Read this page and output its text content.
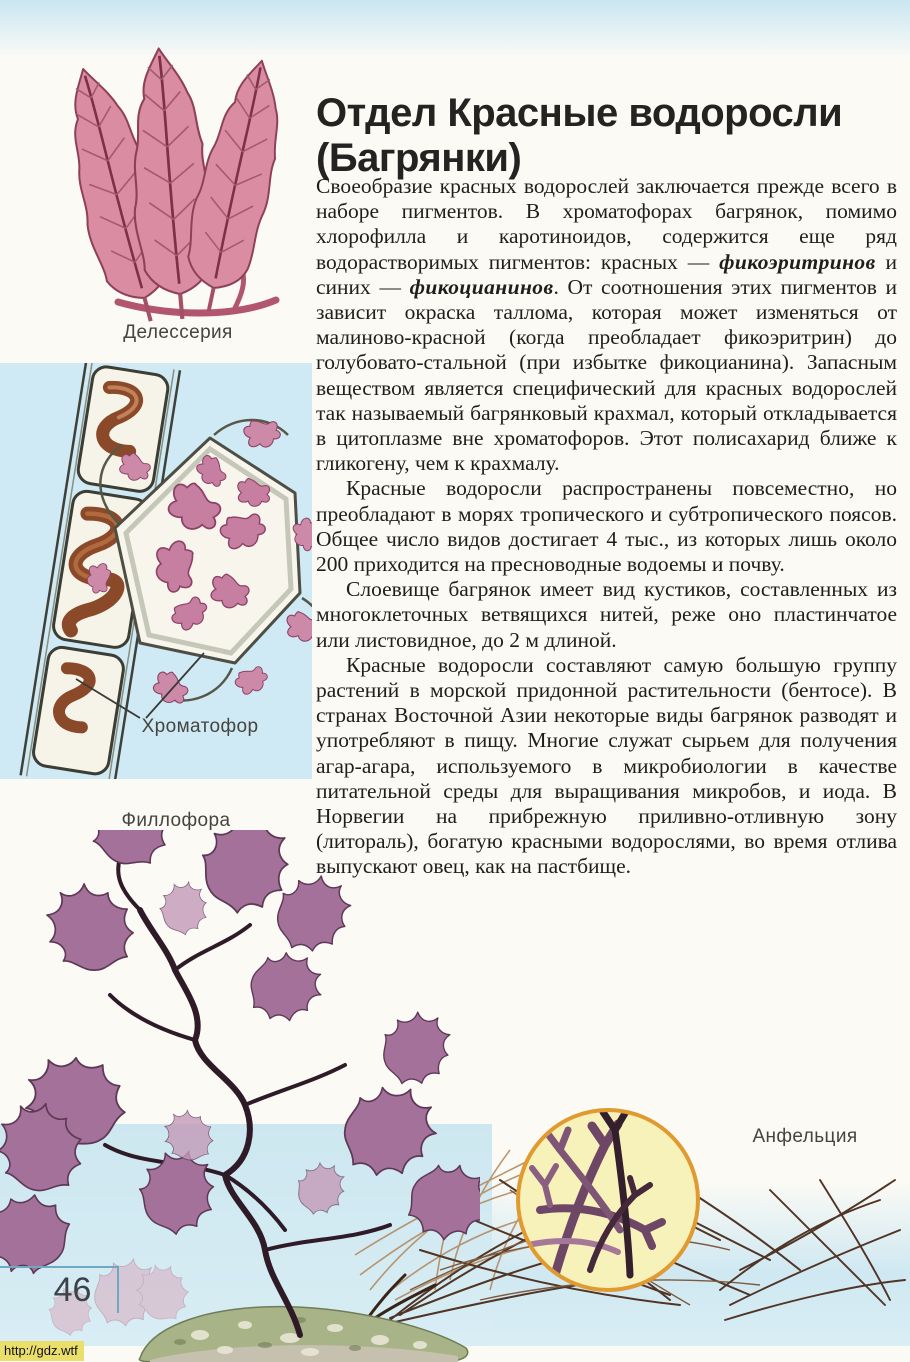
Делессерия
Хроматофор
Филлофора
Анфельция
Отдел Красные водоросли (Багрянки)

Своеобразие красных водорослей заключается прежде всего в наборе пигментов. В хроматофорах багрянок, помимо хлорофилла и каротиноидов, содержится еще ряд водорастворимых пигментов: красных — фикоэритринов и синих — фикоцианинов. От соотношения этих пигментов и зависит окраска таллома, которая может изменяться от малиново-красной (когда преобладает фикоэритрин) до голубовато-стальной (при избытке фикоцианина). Запасным веществом является специфический для красных водорослей так называемый багрянковый крахмал, который откладывается в цитоплазме вне хроматофоров. Этот полисахарид ближе к гликогену, чем к крахмалу.

Красные водоросли распространены повсеместно, но преобладают в морях тропического и субтропического поясов. Общее число видов достигает 4 тыс., из которых лишь около 200 приходится на пресноводные водоемы и почву.

Слоевище багрянок имеет вид кустиков, составленных из многоклеточных ветвящихся нитей, реже оно пластинчатое или листовидное, до 2 м длиной.

Красные водоросли составляют самую большую группу растений в морской придонной растительности (бентосе). В странах Восточной Азии некоторые виды багрянок разводят и употребляют в пищу. Многие служат сырьем для получения агар-агара, используемого в микробиологии в качестве питательной среды для выращивания микробов, и иода. В Норвегии на прибрежную приливно-отливную зону (литораль), богатую красными водорослями, во время отлива выпускают овец, как на пастбище.

46
http://gdz.wtf
